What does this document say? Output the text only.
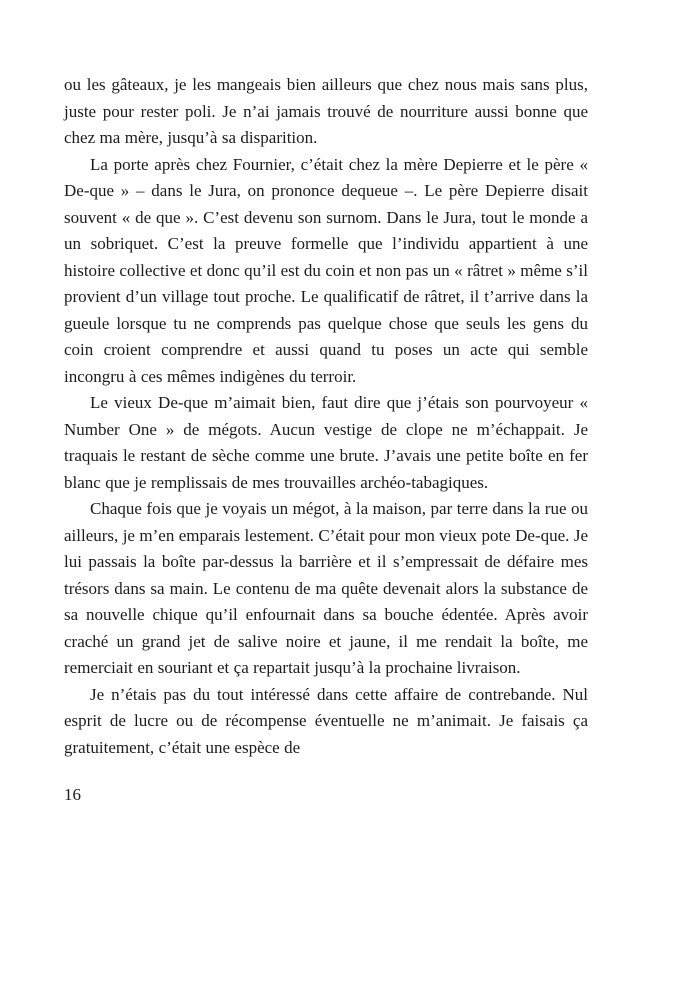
ou les gâteaux, je les mangeais bien ailleurs que chez nous mais sans plus, juste pour rester poli. Je n’ai jamais trouvé de nourriture aussi bonne que chez ma mère, jusqu’à sa disparition.

La porte après chez Fournier, c’était chez la mère Depierre et le père « De-que » – dans le Jura, on prononce dequeue –. Le père Depierre disait souvent « de que ». C’est devenu son surnom. Dans le Jura, tout le monde a un sobriquet. C’est la preuve formelle que l’individu appartient à une histoire collective et donc qu’il est du coin et non pas un « râtret » même s’il provient d’un village tout proche. Le qualificatif de râtret, il t’arrive dans la gueule lorsque tu ne comprends pas quelque chose que seuls les gens du coin croient comprendre et aussi quand tu poses un acte qui semble incongru à ces mêmes indigènes du terroir.

Le vieux De-que m’aimait bien, faut dire que j’étais son pourvoyeur « Number One » de mégots. Aucun vestige de clope ne m’échappait. Je traquais le restant de sèche comme une brute. J’avais une petite boîte en fer blanc que je remplissais de mes trouvailles archéo-tabagiques.

Chaque fois que je voyais un mégot, à la maison, par terre dans la rue ou ailleurs, je m’en emparais lestement. C’était pour mon vieux pote De-que. Je lui passais la boîte par-dessus la barrière et il s’empressait de défaire mes trésors dans sa main. Le contenu de ma quête devenait alors la substance de sa nouvelle chique qu’il enfournait dans sa bouche édentée. Après avoir craché un grand jet de salive noire et jaune, il me rendait la boîte, me remerciait en souriant et ça repartait jusqu’à la prochaine livraison.

Je n’étais pas du tout intéressé dans cette affaire de contrebande. Nul esprit de lucre ou de récompense éventuelle ne m’animait. Je faisais ça gratuitement, c’était une espèce de

16
